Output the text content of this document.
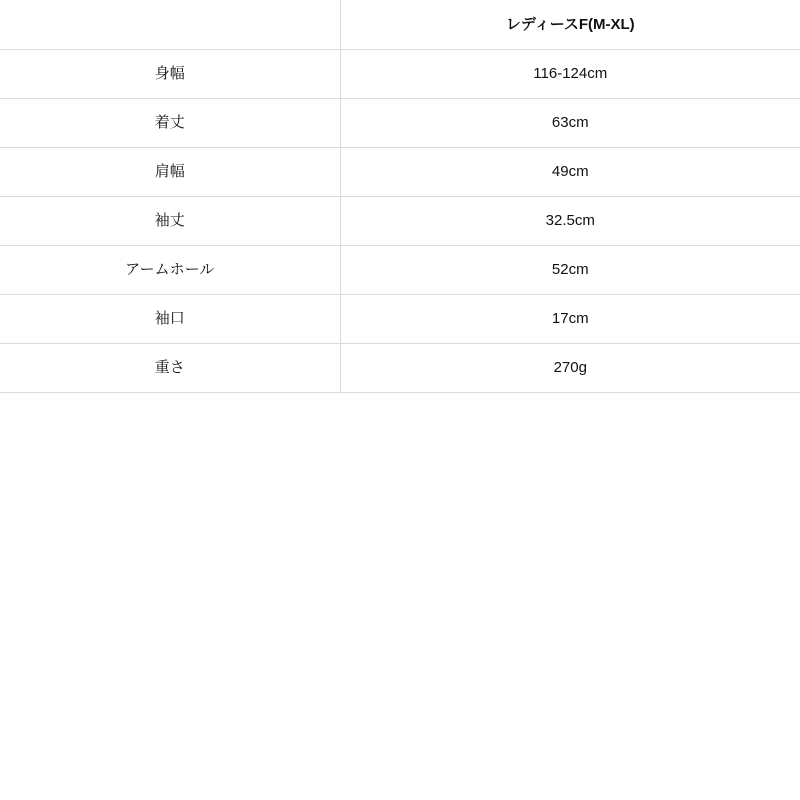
	レディースF(M-XL)
身幅	116-124cm
着丈	63cm
肩幅	49cm
袖丈	32.5cm
アームホール	52cm
袖口	17cm
重さ	270g
